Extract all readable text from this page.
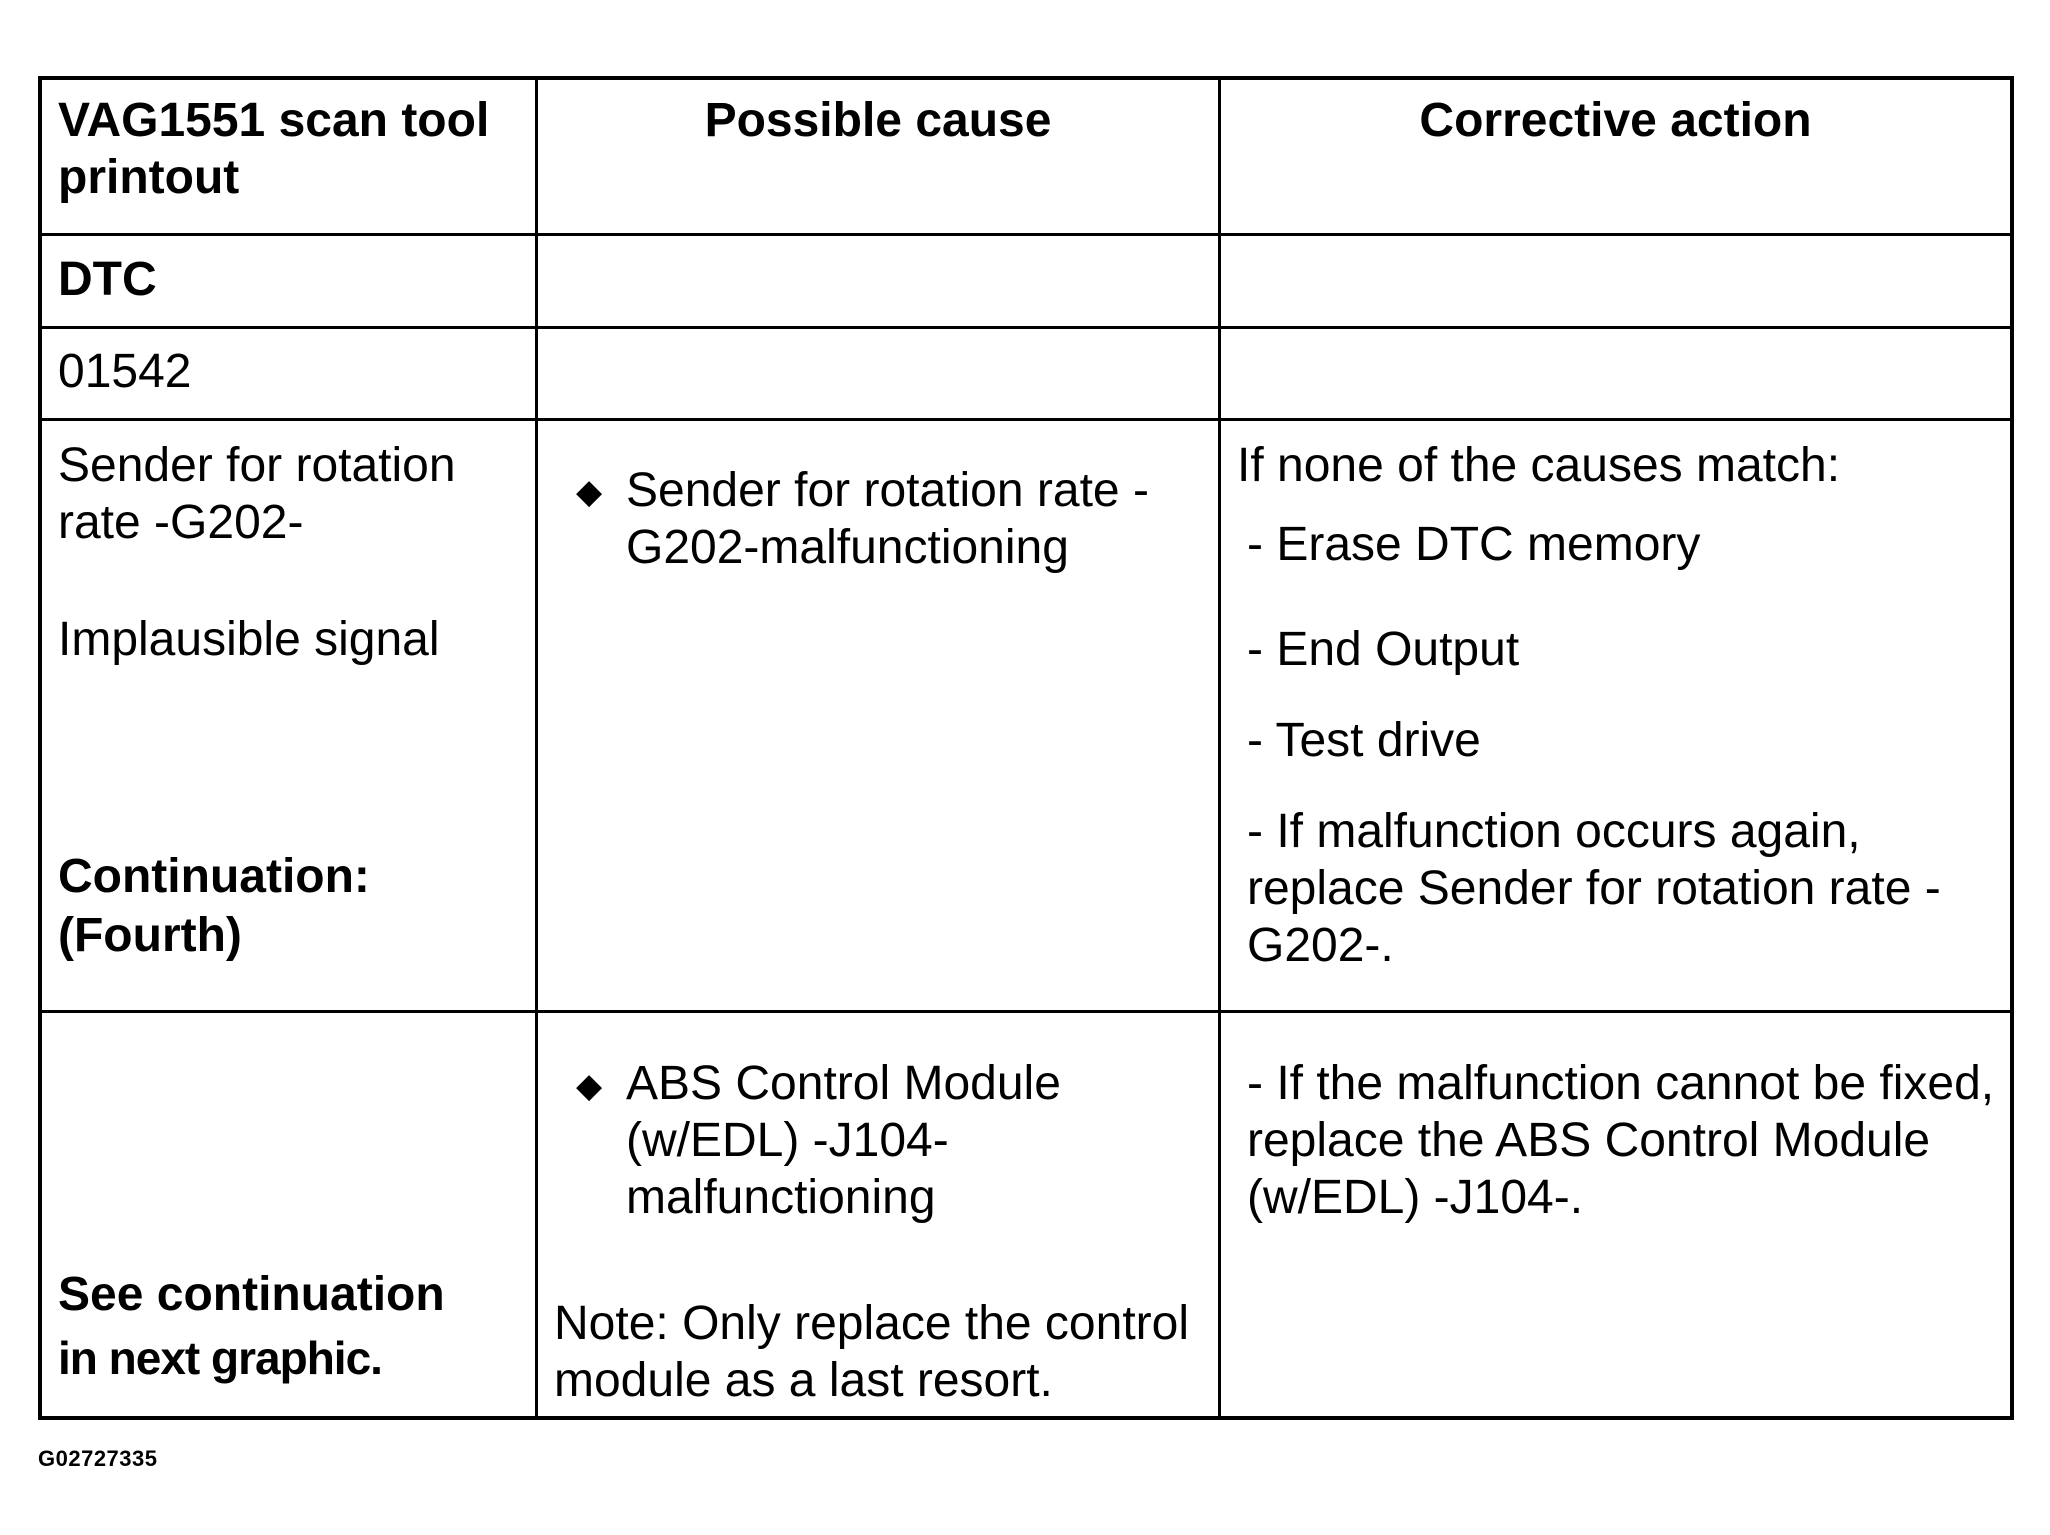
VAG1551 scan tool printout
Possible cause	Corrective action
DTC
01542
Sender for rotation rate -G202-
Implausible signal
Continuation:
(Fourth)
◆ Sender for rotation rate -G202-malfunctioning
If none of the causes match:
- Erase DTC memory
- End Output
- Test drive
- If malfunction occurs again, replace Sender for rotation rate -G202-.
See continuation
in next graphic.
◆ ABS Control Module (w/EDL) -J104-malfunctioning
Note: Only replace the control module as a last resort.
- If the malfunction cannot be fixed, replace the ABS Control Module (w/EDL) -J104-.
G02727335
